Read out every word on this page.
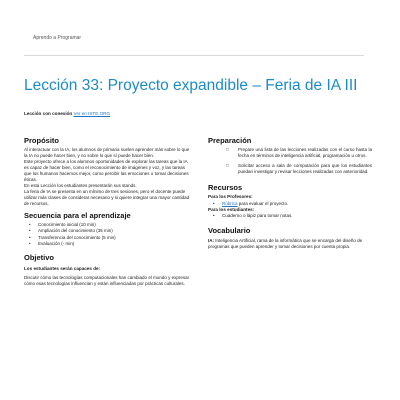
Aprendo a Programar
Lección 33: Proyecto expandible – Feria de IA III
Lección con conexión Ver en ISTE.ORG
Propósito

Al interactuar con la IA, los alumnos de primaria suelen aprender más sobre lo que la IA no puede hacer bien, y no sobre lo que sí puede hacer bien.

Este proyecto ofrece a los alumnos oportunidades de explorar las tareas que la IA es capaz de hacer bien, como el reconocimiento de imágenes y voz, y las tareas que los humanos hacemos mejor, como percibir las emociones o tomar decisiones éticas.

En esta Lección los estudiantes presentarán sus stands.

La feria de IA se presenta en un mínimo de tres sesiones, pero el docente puede utilizar más clases de considerar necesario y si quiere integrar una mayor cantidad de recursos.

Secuencia para el aprendizaje
• Conocimiento inicial (10 min)
• Ampliación del conocimiento (35 min)
• Transferencia del conocimiento (5 min)
• Evaluación (- min)
Objetivo

Los estudiantes serán capaces de:

Discutir cómo las tecnologías computacionales han cambiado el mundo y expresar cómo esas tecnologías influencian y están influenciadas por prácticas culturales.

Preparación
□ Prepare una lista de las lecciones realizadas con el curso hasta la fecha en términos de inteligencia artificial, programación u otros.
□ Solicitar acceso a sala de computación para que los estudiantes puedan investigar y revisar lecciones realizadas con anterioridad.
Recursos

Para los Profesores:

• Rúbrica para evaluar el proyecto.

Para los estudiantes:

• Cuaderno o lápiz para tomar notas.
Vocabulario

IA: Inteligencia Artificial, rama de la informática que se encarga del diseño de programas que pueden aprender y tomar decisiones por cuenta propia.
